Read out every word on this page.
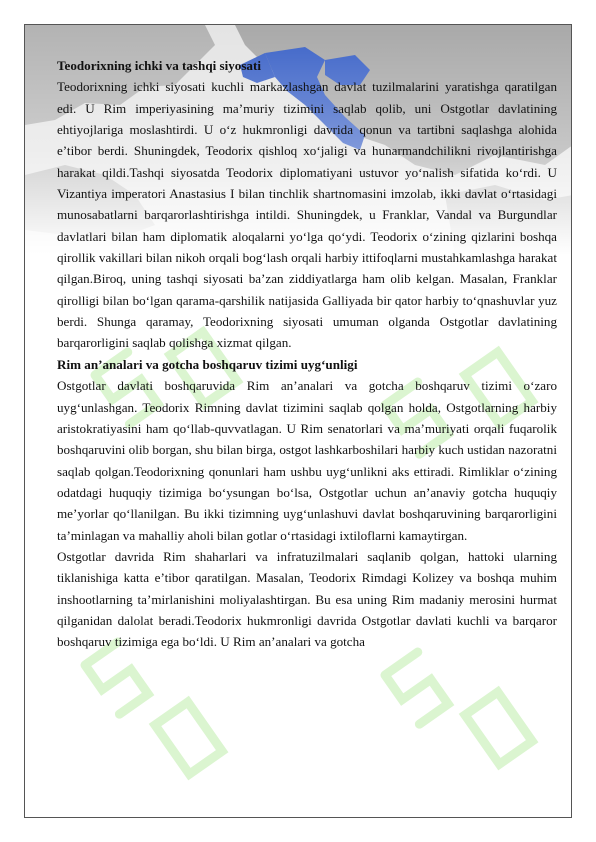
Teodorixning ichki va tashqi siyosati

Teodorixning ichki siyosati kuchli markazlashgan davlat tuzilmalarini yaratishga qaratilgan edi. U Rim imperiyasining ma’muriy tizimini saqlab qolib, uni Ostgotlar davlatining ehtiyojlariga moslashtirdi. U o‘z hukmronligi davrida qonun va tartibni saqlashga alohida e’tibor berdi. Shuningdek, Teodorix qishloq xo‘jaligi va hunarmandchilikni rivojlantirishga harakat qildi.Tashqi siyosatda Teodorix diplomatiyani ustuvor yo‘nalish sifatida ko‘rdi. U Vizantiya imperatori Anastasius I bilan tinchlik shartnomasini imzolab, ikki davlat o‘rtasidagi munosabatlarni barqarorlashtirishga intildi. Shuningdek, u Franklar, Vandal va Burgundlar davlatlari bilan ham diplomatik aloqalarni yo‘lga qo‘ydi. Teodorix o‘zining qizlarini boshqa qirollik vakillari bilan nikoh orqali bog‘lash orqali harbiy ittifoqlarni mustahkamlashga harakat qilgan.Biroq, uning tashqi siyosati ba’zan ziddiyatlarga ham olib kelgan. Masalan, Franklar qirolligi bilan bo‘lgan qarama-qarshilik natijasida Galliyada bir qator harbiy to‘qnashuvlar yuz berdi. Shunga qaramay, Teodorixning siyosati umuman olganda Ostgotlar davlatining barqarorligini saqlab qolishga xizmat qilgan.

Rim an’analari va gotcha boshqaruv tizimi uyg‘unligi

Ostgotlar davlati boshqaruvida Rim an’analari va gotcha boshqaruv tizimi o‘zaro uyg‘unlashgan. Teodorix Rimning davlat tizimini saqlab qolgan holda, Ostgotlarning harbiy aristokratiyasini ham qo‘llab-quvvatlagan. U Rim senatorlari va ma’muriyati orqali fuqarolik boshqaruvini olib borgan, shu bilan birga, ostgot lashkarboshilari harbiy kuch ustidan nazoratni saqlab qolgan.Teodorixning qonunlari ham ushbu uyg‘unlikni aks ettiradi. Rimliklar o‘zining odatdagi huquqiy tizimiga bo‘ysungan bo‘lsa, Ostgotlar uchun an’anaviy gotcha huquqiy me’yorlar qo‘llanilgan. Bu ikki tizimning uyg‘unlashuvi davlat boshqaruvining barqarorligini ta’minlagan va mahalliy aholi bilan gotlar o‘rtasidagi ixtiloflarni kamaytirgan.

Ostgotlar davrida Rim shaharlari va infratuzilmalari saqlanib qolgan, hattoki ularning tiklanishiga katta e’tibor qaratilgan. Masalan, Teodorix Rimdagi Kolizey va boshqa muhim inshootlarning ta’mirlanishini moliyalashtirgan. Bu esa uning Rim madaniy merosini hurmat qilganidan dalolat beradi.Teodorix hukmronligi davrida Ostgotlar davlati kuchli va barqaror boshqaruv tizimiga ega bo‘ldi. U Rim an’analari va gotcha
